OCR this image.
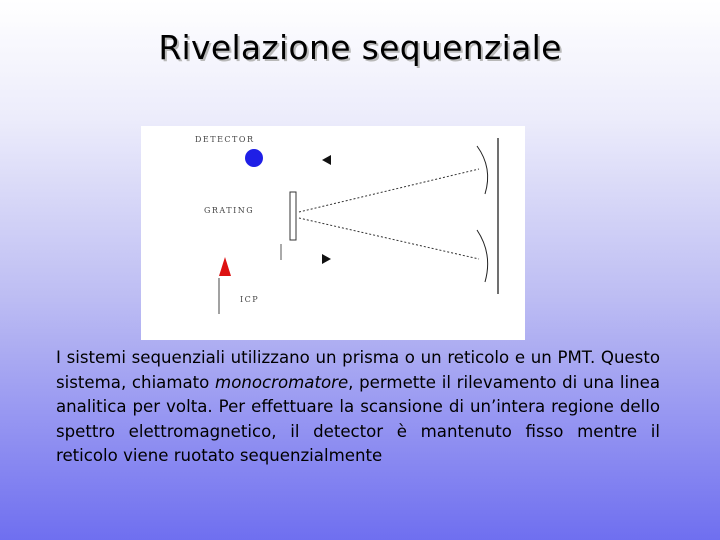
Rivelazione sequenziale
DETECTOR
GRATING
ICP
I sistemi sequenziali utilizzano un prisma o un reticolo e un PMT. Questo sistema, chiamato monocromatore, permette il rilevamento di una linea analitica per volta. Per effettuare la scansione di un’intera regione dello spettro elettromagnetico, il detector è mantenuto fisso mentre il reticolo viene ruotato sequenzialmente
